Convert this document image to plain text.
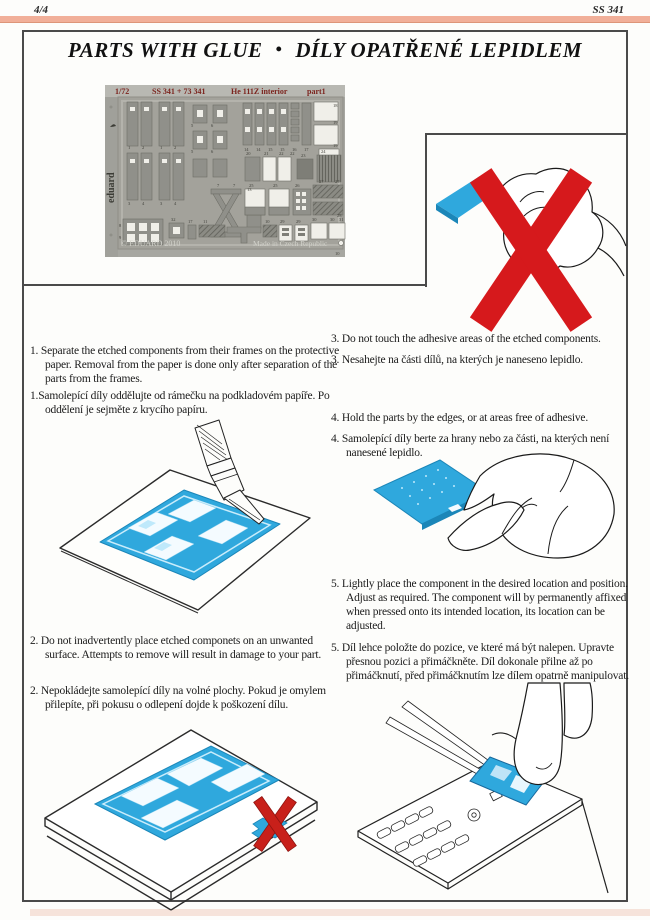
4/4	SS 341
PARTS WITH GLUE • DÍLY OPATŘENÉ LEPIDLEM
1/72	SS 341 + 73 341	He 111Z interior part1
eduard
1	2	1	2
3	4	3	4
5	6
5	6
7	7
13
14 14 15 15 16 17
18
19
19
20	21 22 22 23
24
25	25	26
27	27
28
8
9
32	17 11	10 29	29	30	30 31
10
© EDUARD 2010	Made in Czech Republic

3. Do not touch the adhesive areas of the etched components.

3. Nesahejte na části dílů, na kterých je naneseno lepidlo.

1. Separate the etched components from their frames on the protective paper. Removal from the paper is done only after separation of the parts from the frames.

1.Samolepící díly oddělujte od rámečku na podkladovém papíře. Po oddělení je sejměte z krycího papíru.

4. Hold the parts by the edges, or at areas free of adhesive.

4. Samolepící díly berte za hrany nebo za části, na kterých není nanesené lepidlo.

5. Lightly place the component in the desired location and position. Adjust as required. The component will by permanently affixed when pressed onto its intended location, its location can be adjusted.

5. Díl lehce položte do pozice, ve které má být nalepen. Upravte přesnou pozici a přimáčkněte. Díl dokonale přilne až po přimáčknutí, před přimáčknutím lze dílem opatrně manipulovat.

2. Do not inadvertently place etched componets on an unwanted surface. Attempts to remove will result in damage to your part.

2. Nepokládejte samolepící díly na volné plochy. Pokud je omylem přilepíte, při pokusu o odlepení dojde k poškození dílu.
